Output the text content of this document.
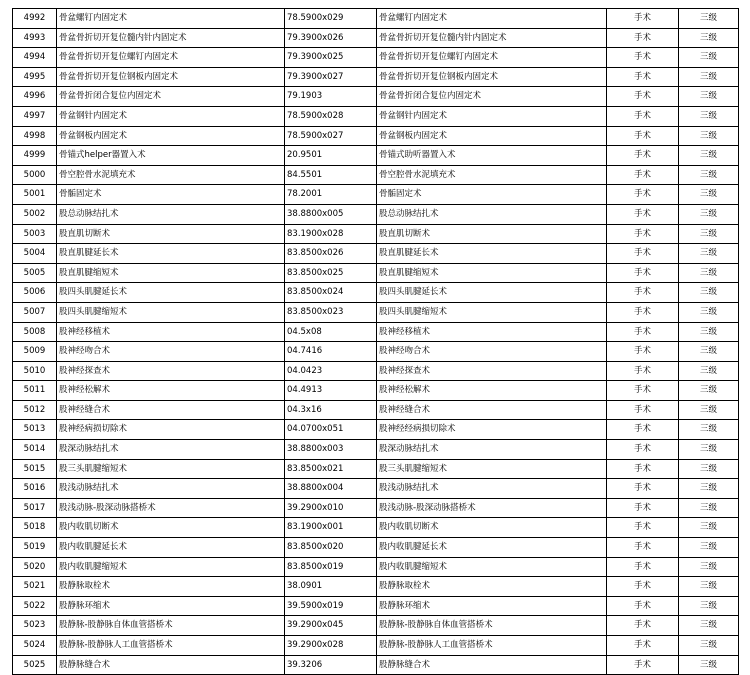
4992	骨盆螺钉内固定术	78.5900x029	骨盆螺钉内固定术	手术	三级
4993	骨盆骨折切开复位髓内针内固定术	79.3900x026	骨盆骨折切开复位髓内针内固定术	手术	三级
4994	骨盆骨折切开复位螺钉内固定术	79.3900x025	骨盆骨折切开复位螺钉内固定术	手术	三级
4995	骨盆骨折切开复位钢板内固定术	79.3900x027	骨盆骨折切开复位钢板内固定术	手术	三级
4996	骨盆骨折闭合复位内固定术	79.1903	骨盆骨折闭合复位内固定术	手术	三级
4997	骨盆钢针内固定术	78.5900x028	骨盆钢针内固定术	手术	三级
4998	骨盆钢板内固定术	78.5900x027	骨盆钢板内固定术	手术	三级
4999	骨锚式helper器置入术	20.9501	骨锚式助听器置入术	手术	三级
5000	骨空腔骨水泥填充术	84.5501	骨空腔骨水泥填充术	手术	三级
5001	骨骺固定术	78.2001	骨骺固定术	手术	三级
5002	股总动脉结扎术	38.8800x005	股总动脉结扎术	手术	三级
5003	股直肌切断术	83.1900x028	股直肌切断术	手术	三级
5004	股直肌腱延长术	83.8500x026	股直肌腱延长术	手术	三级
5005	股直肌腱缩短术	83.8500x025	股直肌腱缩短术	手术	三级
5006	股四头肌腱延长术	83.8500x024	股四头肌腱延长术	手术	三级
5007	股四头肌腱缩短术	83.8500x023	股四头肌腱缩短术	手术	三级
5008	股神经移植术	04.5x08	股神经移植术	手术	三级
5009	股神经吻合术	04.7416	股神经吻合术	手术	三级
5010	股神经探查术	04.0423	股神经探查术	手术	三级
5011	股神经松解术	04.4913	股神经松解术	手术	三级
5012	股神经缝合术	04.3x16	股神经缝合术	手术	三级
5013	股神经病损切除术	04.0700x051	股神经经病损切除术	手术	三级
5014	股深动脉结扎术	38.8800x003	股深动脉结扎术	手术	三级
5015	股三头肌腱缩短术	83.8500x021	股三头肌腱缩短术	手术	三级
5016	股浅动脉结扎术	38.8800x004	股浅动脉结扎术	手术	三级
5017	股浅动脉-股深动脉搭桥术	39.2900x010	股浅动脉-股深动脉搭桥术	手术	三级
5018	股内收肌切断术	83.1900x001	股内收肌切断术	手术	三级
5019	股内收肌腱延长术	83.8500x020	股内收肌腱延长术	手术	三级
5020	股内收肌腱缩短术	83.8500x019	股内收肌腱缩短术	手术	三级
5021	股静脉取栓术	38.0901	股静脉取栓术	手术	三级
5022	股静脉环缩术	39.5900x019	股静脉环缩术	手术	三级
5023	股静脉-股静脉自体血管搭桥术	39.2900x045	股静脉-股静脉自体血管搭桥术	手术	三级
5024	股静脉-股静脉人工血管搭桥术	39.2900x028	股静脉-股静脉人工血管搭桥术	手术	三级
5025	股静脉缝合术	39.3206	股静脉缝合术	手术	三级
